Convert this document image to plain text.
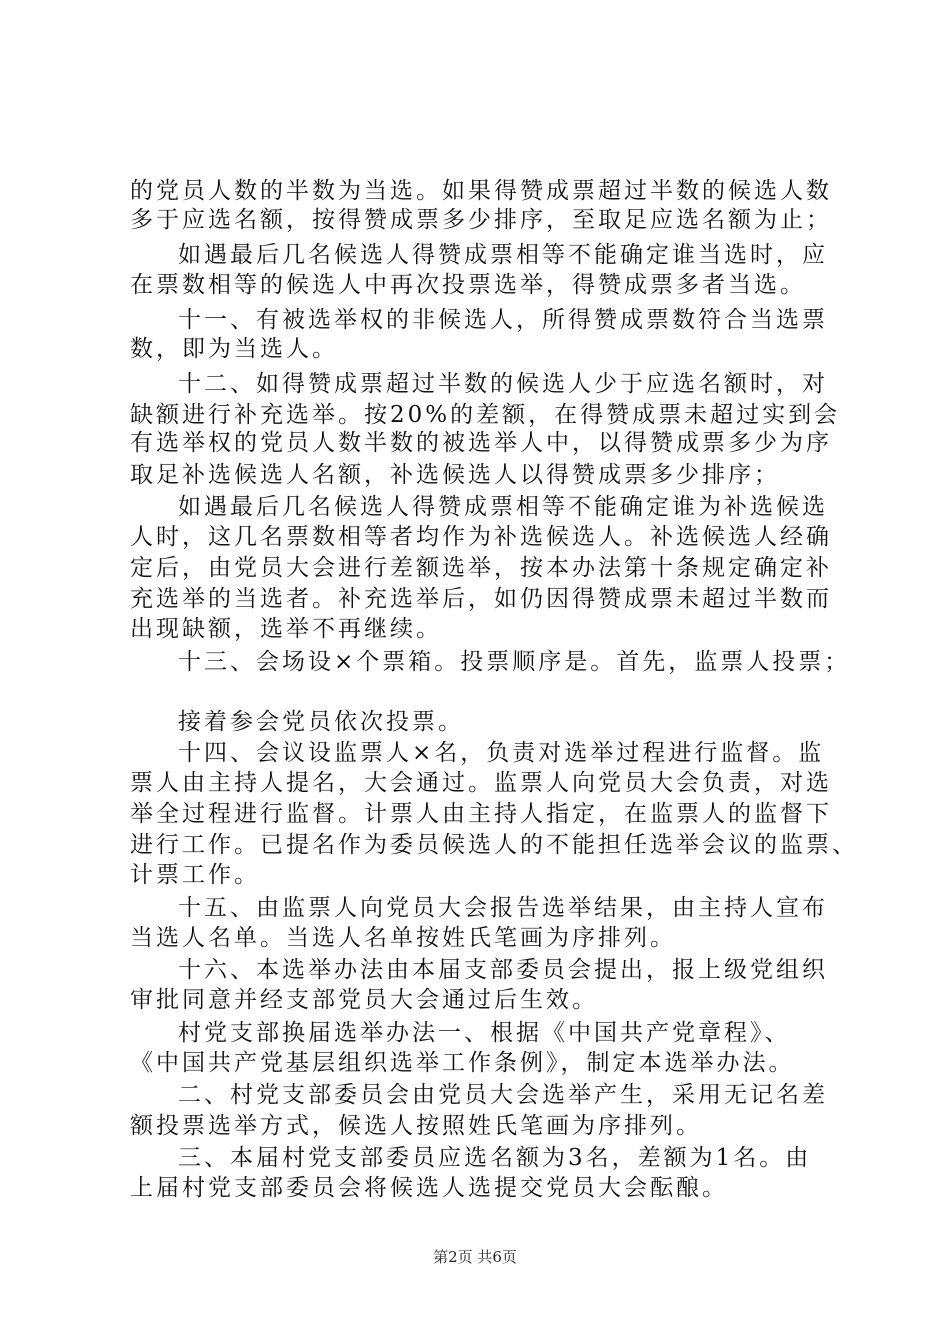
的党员人数的半数为当选。如果得赞成票超过半数的候选人数
多于应选名额，按得赞成票多少排序，至取足应选名额为止；
如遇最后几名候选人得赞成票相等不能确定谁当选时，应
在票数相等的候选人中再次投票选举，得赞成票多者当选。
十一、有被选举权的非候选人，所得赞成票数符合当选票
数，即为当选人。
十二、如得赞成票超过半数的候选人少于应选名额时，对
缺额进行补充选举。按20%的差额，在得赞成票未超过实到会
有选举权的党员人数半数的被选举人中，以得赞成票多少为序
取足补选候选人名额，补选候选人以得赞成票多少排序；
如遇最后几名候选人得赞成票相等不能确定谁为补选候选
人时，这几名票数相等者均作为补选候选人。补选候选人经确
定后，由党员大会进行差额选举，按本办法第十条规定确定补
充选举的当选者。补充选举后，如仍因得赞成票未超过半数而
出现缺额，选举不再继续。
十三、会场设×个票箱。投票顺序是。首先，监票人投票；
接着参会党员依次投票。
十四、会议设监票人×名，负责对选举过程进行监督。监
票人由主持人提名，大会通过。监票人向党员大会负责，对选
举全过程进行监督。计票人由主持人指定，在监票人的监督下
进行工作。已提名作为委员候选人的不能担任选举会议的监票、
计票工作。
十五、由监票人向党员大会报告选举结果，由主持人宣布
当选人名单。当选人名单按姓氏笔画为序排列。
十六、本选举办法由本届支部委员会提出，报上级党组织
审批同意并经支部党员大会通过后生效。
村党支部换届选举办法一、根据《中国共产党章程》、
《中国共产党基层组织选举工作条例》，制定本选举办法。
二、村党支部委员会由党员大会选举产生，采用无记名差
额投票选举方式，候选人按照姓氏笔画为序排列。
三、本届村党支部委员应选名额为3名，差额为1名。由
上届村党支部委员会将候选人选提交党员大会酝酿。
第2页 共6页
